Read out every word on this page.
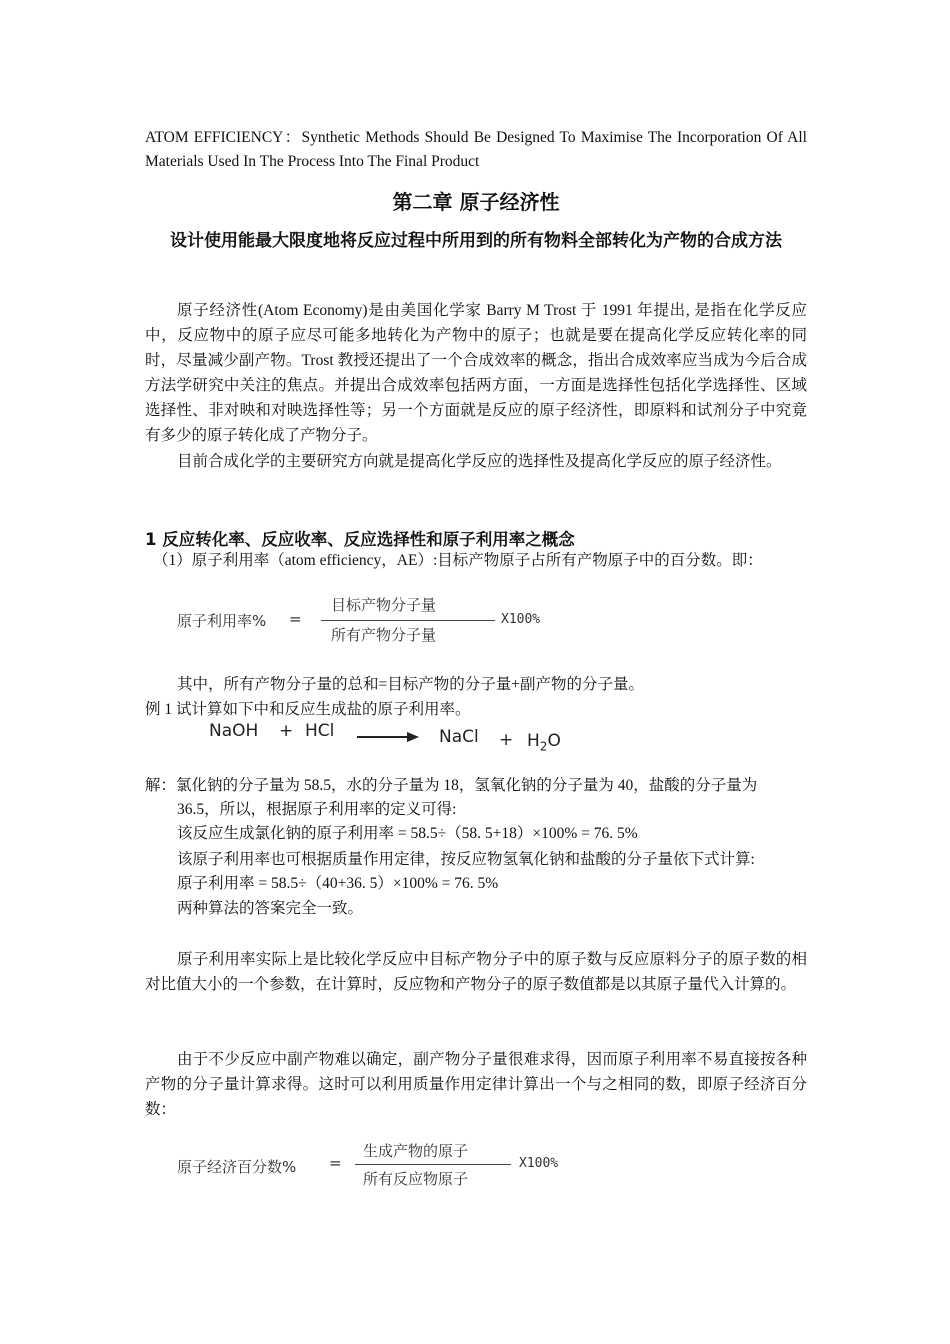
ATOM EFFICIENCY：Synthetic Methods Should Be Designed To Maximise The Incorporation Of All Materials Used In The Process Into The Final Product
第二章 原子经济性
设计使用能最大限度地将反应过程中所用到的所有物料全部转化为产物的合成方法

原子经济性(Atom Economy)是由美国化学家 Barry M Trost 于 1991 年提出, 是指在化学反应中，反应物中的原子应尽可能多地转化为产物中的原子；也就是要在提高化学反应转化率的同时，尽量减少副产物。Trost 教授还提出了一个合成效率的概念，指出合成效率应当成为今后合成方法学研究中关注的焦点。并提出合成效率包括两方面，一方面是选择性包括化学选择性、区域选择性、非对映和对映选择性等；另一个方面就是反应的原子经济性，即原料和试剂分子中究竟有多少的原子转化成了产物分子。

目前合成化学的主要研究方向就是提高化学反应的选择性及提高化学反应的原子经济性。

1 反应转化率、反应收率、反应选择性和原子利用率之概念
（1）原子利用率（atom efficiency，AE）:目标产物原子占所有产物原子中的百分数。即：
原子利用率% =
目标产物分子量
所有产物分子量
X100%
其中，所有产物分子量的总和=目标产物的分子量+副产物的分子量。
例 1 试计算如下中和反应生成盐的原子利用率。
NaOH + HCl → NaCl + $H_2O$
解：氯化钠的分子量为 58.5，水的分子量为 18，氢氧化钠的分子量为 40，盐酸的分子量为
36.5，所以，根据原子利用率的定义可得:
该反应生成氯化钠的原子利用率 = 58.5÷（58. 5+18）×100% = 76. 5%
该原子利用率也可根据质量作用定律，按反应物氢氧化钠和盐酸的分子量依下式计算:
原子利用率 = 58.5÷（40+36. 5）×100% = 76. 5%
两种算法的答案完全一致。

原子利用率实际上是比较化学反应中目标产物分子中的原子数与反应原料分子的原子数的相对比值大小的一个参数，在计算时，反应物和产物分子的原子数值都是以其原子量代入计算的。

由于不少反应中副产物难以确定，副产物分子量很难求得，因而原子利用率不易直接按各种产物的分子量计算求得。这时可以利用质量作用定律计算出一个与之相同的数，即原子经济百分数：

原子经济百分数% =
生成产物的原子
所有反应物原子
X100%
